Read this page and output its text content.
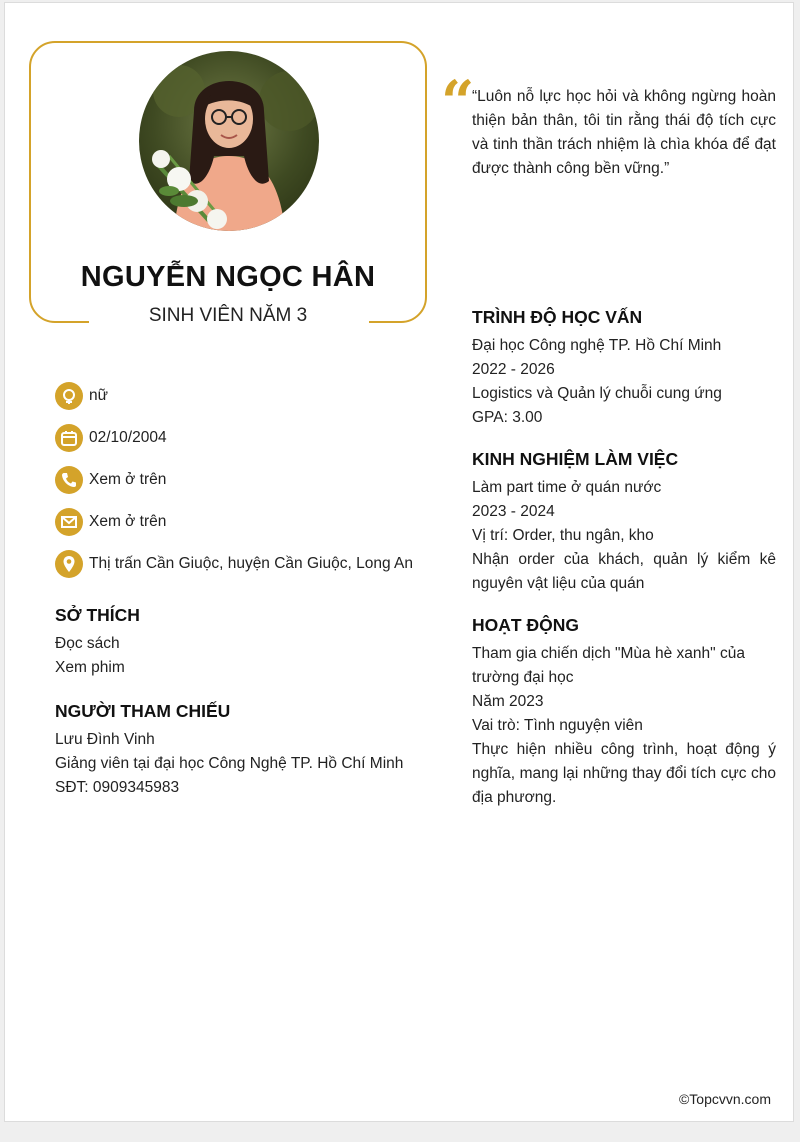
NGUYỄN NGỌC HÂN
SINH VIÊN NĂM 3
“
“Luôn nỗ lực học hỏi và không ngừng hoàn thiện bản thân, tôi tin rằng thái độ tích cực và tinh thần trách nhiệm là chìa khóa để đạt được thành công bền vững.”
nữ
02/10/2004
Xem ở trên
Xem ở trên
Thị trấn Cần Giuộc, huyện Cần Giuộc, Long An
SỞ THÍCH
Đọc sách
Xem phim
NGƯỜI THAM CHIẾU
Lưu Đình Vinh
Giảng viên tại đại học Công Nghệ TP. Hồ Chí Minh
SĐT: 0909345983
TRÌNH ĐỘ HỌC VẤN
Đại học Công nghệ TP. Hồ Chí Minh
2022 - 2026
Logistics và Quản lý chuỗi cung ứng
GPA: 3.00
KINH NGHIỆM LÀM VIỆC
Làm part time ở quán nước
2023 - 2024
Vị trí: Order, thu ngân, kho
Nhận order của khách, quản lý kiểm kê nguyên vật liệu của quán
HOẠT ĐỘNG
Tham gia chiến dịch "Mùa hè xanh" của trường đại học
Năm 2023
Vai trò: Tình nguyện viên
Thực hiện nhiều công trình, hoạt động ý nghĩa, mang lại những thay đổi tích cực cho địa phương.
©Topcvvn.com
